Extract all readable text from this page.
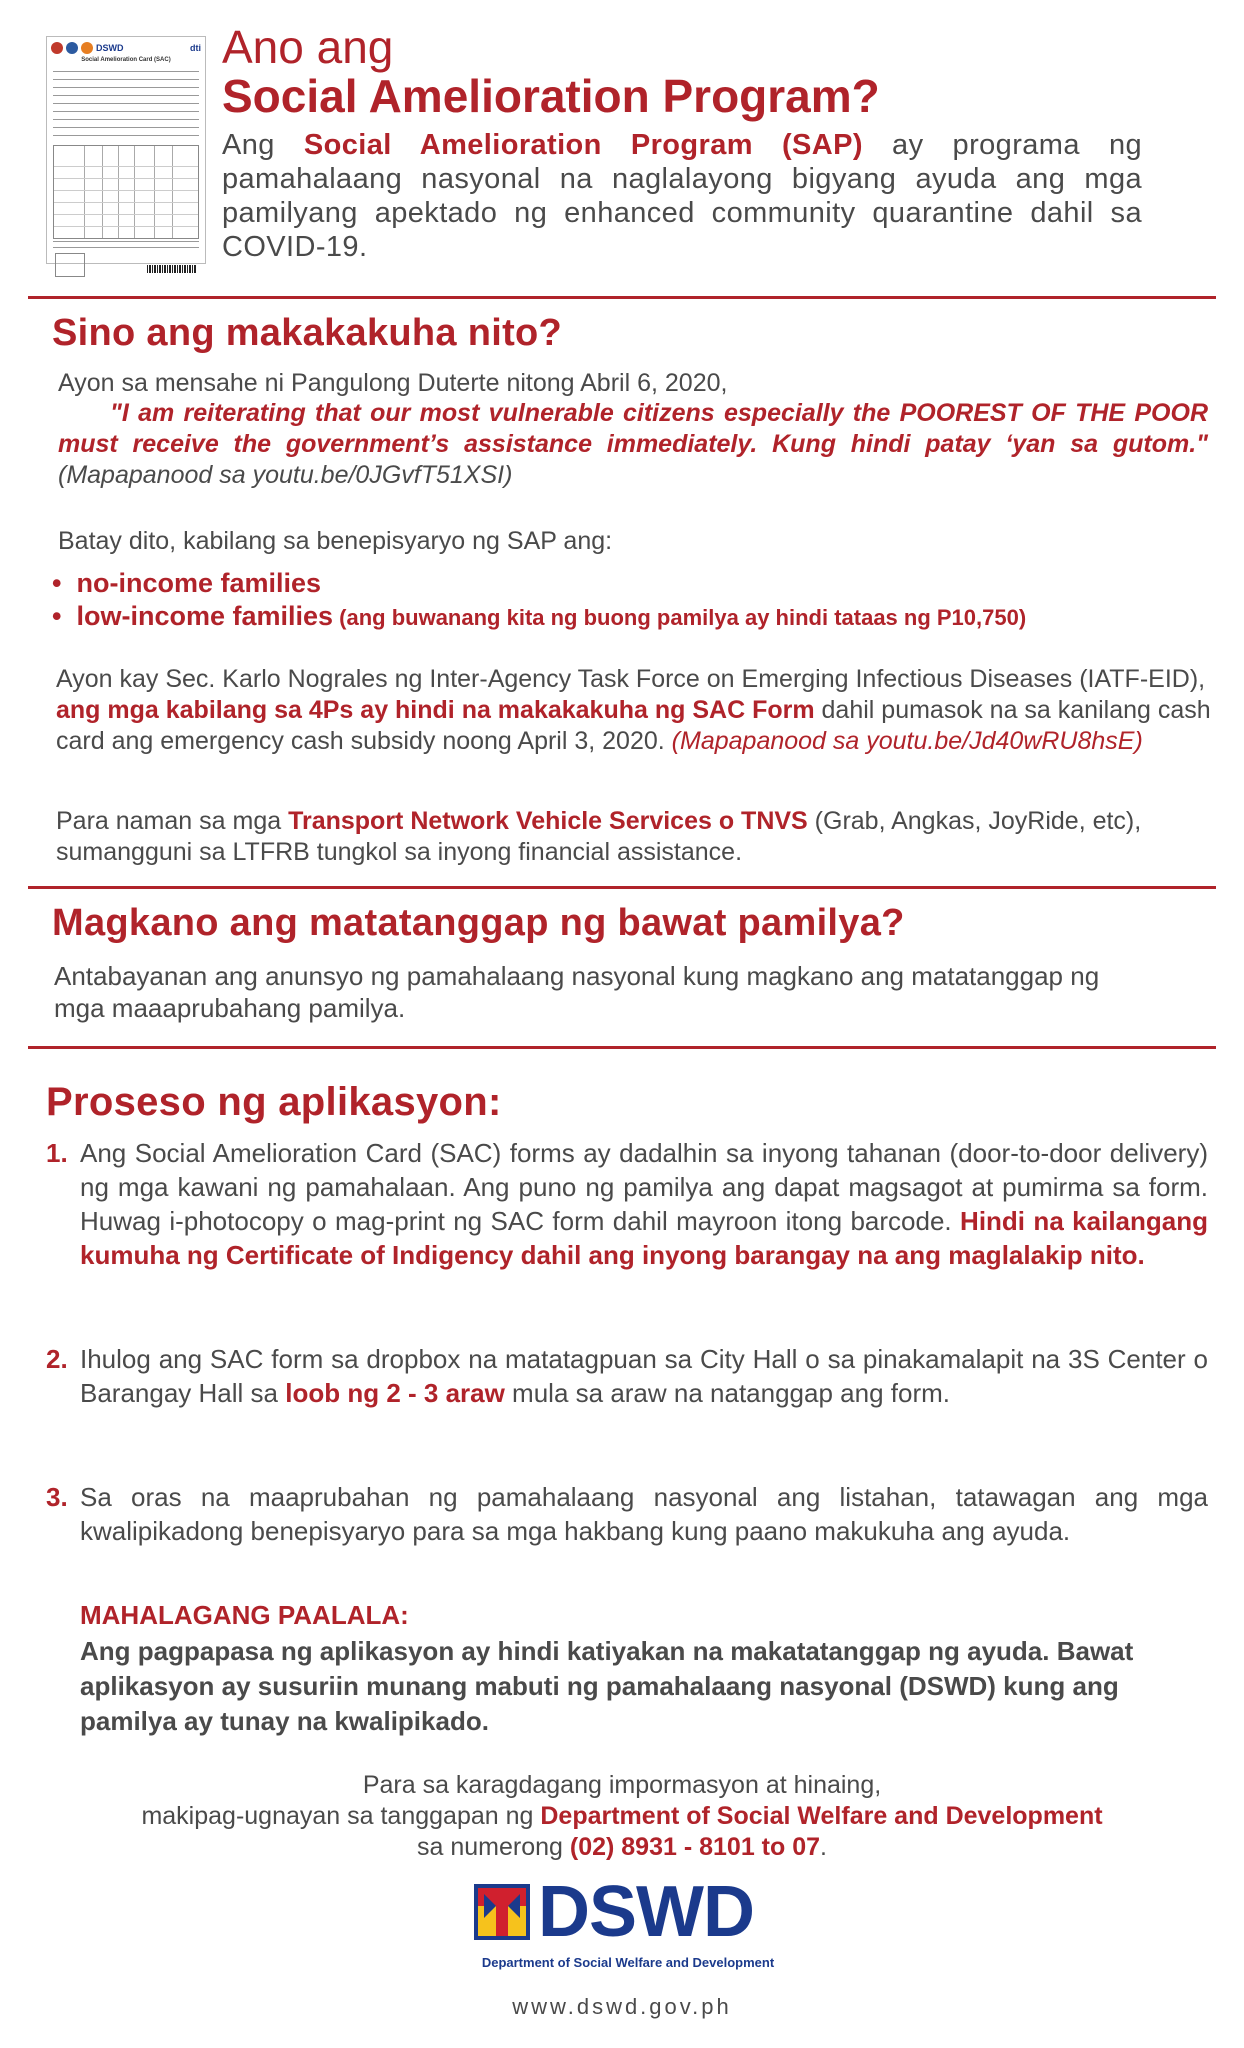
DSWD	dti
Social Amelioration Card (SAC)	Ano ang
Social Amelioration Program?
Ang Social Amelioration Program (SAP) ay programa ng pamahalaang nasyonal na naglalayong bigyang ayuda ang mga pamilyang apektado ng enhanced community quarantine dahil sa COVID-19.
Sino ang makakakuha nito?
Ayon sa mensahe ni Pangulong Duterte nitong Abril 6, 2020,
"I am reiterating that our most vulnerable citizens especially the POOREST OF THE POOR must receive the government’s assistance immediately. Kung hindi patay ‘yan sa gutom." (Mapapanood sa youtu.be/0JGvfT51XSI)
Batay dito, kabilang sa benepisyaryo ng SAP ang:
•  no-income families
•  low-income families (ang buwanang kita ng buong pamilya ay hindi tataas ng P10,750)
Ayon kay Sec. Karlo Nograles ng Inter-Agency Task Force on Emerging Infectious Diseases (IATF-EID), ang mga kabilang sa 4Ps ay hindi na makakakuha ng SAC Form dahil pumasok na sa kanilang cash card ang emergency cash subsidy noong April 3, 2020. (Mapapanood sa youtu.be/Jd40wRU8hsE)
Para naman sa mga Transport Network Vehicle Services o TNVS (Grab, Angkas, JoyRide, etc), sumangguni sa LTFRB tungkol sa inyong financial assistance.
Magkano ang matatanggap ng bawat pamilya?
Antabayanan ang anunsyo ng pamahalaang nasyonal kung magkano ang matatanggap ng mga maaaprubahang pamilya.
Proseso ng aplikasyon:
1. Ang Social Amelioration Card (SAC) forms ay dadalhin sa inyong tahanan (door-to-door delivery) ng mga kawani ng pamahalaan. Ang puno ng pamilya ang dapat magsagot at pumirma sa form. Huwag i-photocopy o mag-print ng SAC form dahil mayroon itong barcode. Hindi na kailangang kumuha ng Certificate of Indigency dahil ang inyong barangay na ang maglalakip nito.
2. Ihulog ang SAC form sa dropbox na matatagpuan sa City Hall o sa pinakamalapit na 3S Center o Barangay Hall sa loob ng 2 - 3 araw mula sa araw na natanggap ang form.
3. Sa oras na maaprubahan ng pamahalaang nasyonal ang listahan, tatawagan ang mga kwalipikadong benepisyaryo para sa mga hakbang kung paano makukuha ang ayuda.
MAHALAGANG PAALALA:
Ang pagpapasa ng aplikasyon ay hindi katiyakan na makatatanggap ng ayuda. Bawat aplikasyon ay susuriin munang mabuti ng pamahalaang nasyonal (DSWD) kung ang pamilya ay tunay na kwalipikado.
Para sa karagdagang impormasyon at hinaing,
makipag-ugnayan sa tanggapan ng Department of Social Welfare and Development
sa numerong (02) 8931 - 8101 to 07.
DSWD
Department of Social Welfare and Development
www.dswd.gov.ph
